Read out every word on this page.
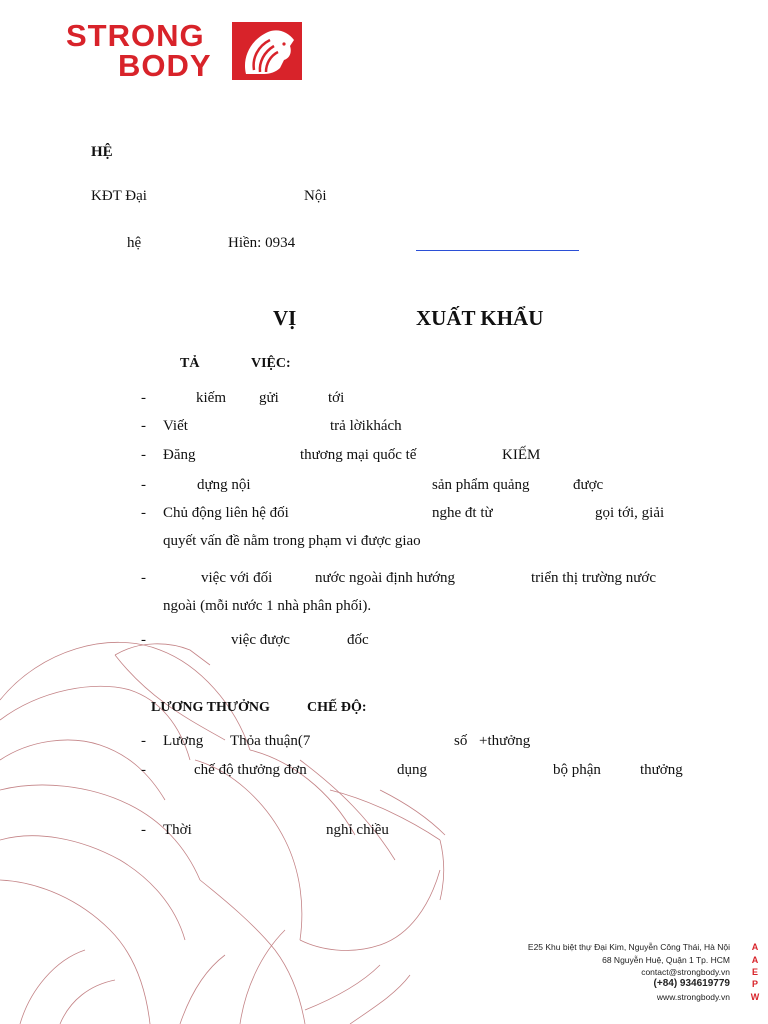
STRONG
BODY
HỆ
KĐT Đại	Nội
hệ	Hiền: 0934
VỊ	XUẤT KHẨU
TẢ	VIỆC:
-	kiếm gửi	tới
- Viết	trả lờikhách
- Đăng	thương mại quốc tế	KIẾM
-	dựng nội	sản phẩm quảng	được
- Chủ động liên hệ đối	nghe đt từ	gọi tới, giải
quyết vấn đề nằm trong phạm vi được giao
-	việc với đối	nước ngoài định hướng	triển thị trường nước
ngoài (mỗi nước 1 nhà phân phối).
-	việc được	đốc
LƯƠNG THƯỞNG	CHẾ ĐỘ:
- Lương Thỏa thuận(7	số +thưởng
-	chế độ thưởng đơn	dụng	bộ phận	thưởng
- Thời	nghỉ chiều
E25 Khu biệt thự Đại Kim, Nguyễn Công Thái, Hà Nội
68 Nguyễn Huệ, Quận 1 Tp. HCM
contact@strongbody.vn
(+84) 934619779
www.strongbody.vn
A
A
E
P
W
